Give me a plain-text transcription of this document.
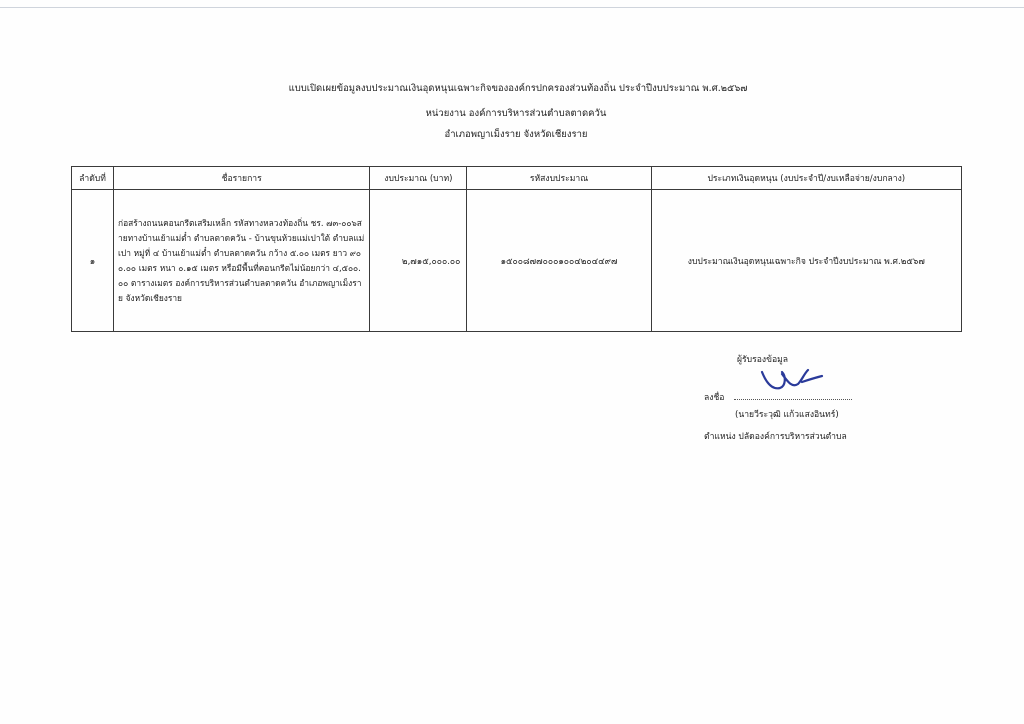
แบบเปิดเผยข้อมูลงบประมาณเงินอุดหนุนเฉพาะกิจขององค์กรปกครองส่วนท้องถิ่น ประจำปีงบประมาณ พ.ศ.๒๕๖๗
หน่วยงาน องค์การบริหารส่วนตำบลตาดควัน
อำเภอพญาเม็งราย จังหวัดเชียงราย
ลำดับที่	ชื่อรายการ	งบประมาณ (บาท)	รหัสงบประมาณ	ประเภทเงินอุดหนุน (งบประจำปี/งบเหลือจ่าย/งบกลาง)
๑	ก่อสร้างถนนคอนกรีตเสริมเหล็ก รหัสทางหลวงท้องถิ่น ชร. ๗๓-๐๐๖สายทางบ้านเย้าแม่ต๋ำ ตำบลตาดควัน - บ้านขุนห้วยแม่เปาใต้ ตำบลแม่เปา หมู่ที่ ๔ บ้านเย้าแม่ต๋ำ ตำบลตาดควัน กว้าง ๕.๐๐ เมตร ยาว ๙๐๐.๐๐ เมตร หนา ๐.๑๕ เมตร หรือมีพื้นที่คอนกรีตไม่น้อยกว่า ๔,๕๐๐.๐๐ ตารางเมตร องค์การบริหารส่วนตำบลตาดควัน อำเภอพญาเม็งราย จังหวัดเชียงราย	๒,๗๑๕,๐๐๐.๐๐	๑๕๐๐๘๗๗๐๐๐๑๐๐๔๒๐๔๔๙๗	งบประมาณเงินอุดหนุนเฉพาะกิจ ประจำปีงบประมาณ พ.ศ.๒๕๖๗
ผู้รับรองข้อมูล
ลงชื่อ
(นายวีระวุฒิ แก้วแสงอินทร์)
ตำแหน่ง ปลัดองค์การบริหารส่วนตำบล
